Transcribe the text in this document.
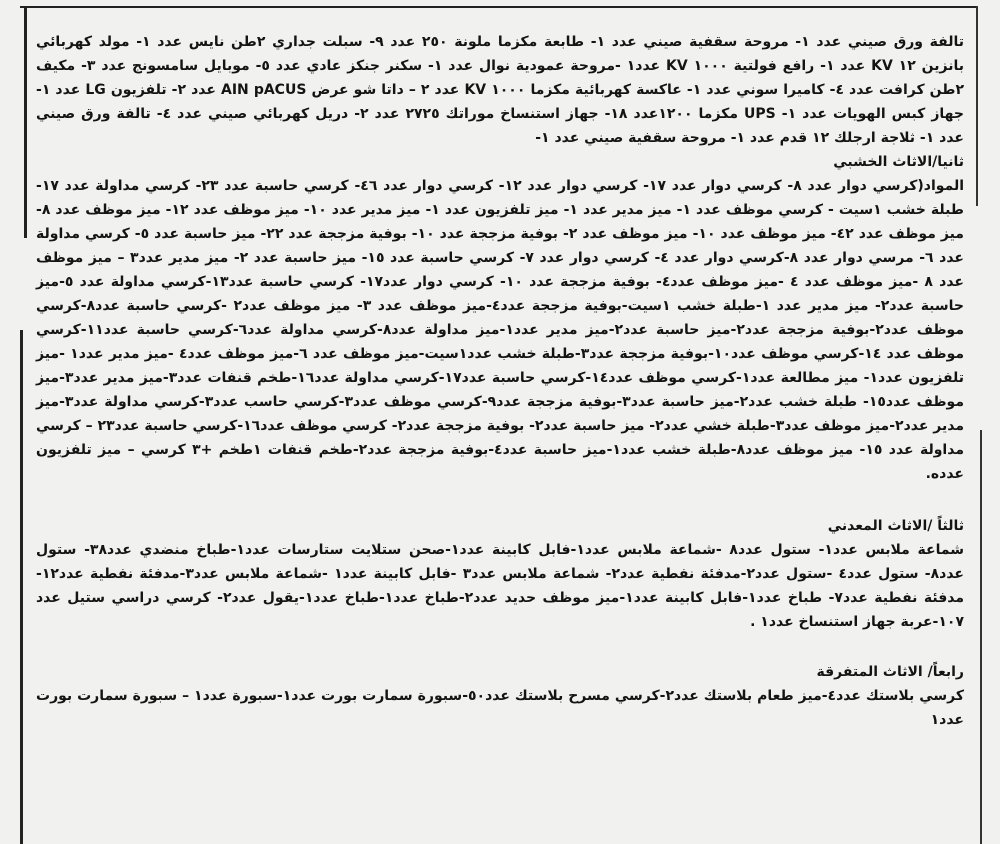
تالفة ورق صيني عدد ١- مروحة سقفية صيني عدد ١- طابعة مكزما ملونة ٢٥٠ عدد ٩- سبلت جداري ٢طن نايس عدد ١- مولد كهربائي بانزين ١٢ KV عدد ١- رافع فولتية ١٠٠٠ KV عدد١ -مروحة عمودية نوال عدد ١- سكنر جنكز عادي عدد ٥- موبايل سامسونج عدد ٣- مكيف ٢طن كرافت عدد ٤- كاميرا سوني عدد ١- عاكسة كهربائية مكزما ١٠٠٠ KV عدد ٢ – داتا شو عرض AIN pACUS عدد ٢- تلفزيون LG عدد ١- جهاز كبس الهويات عدد ١- UPS مكزما ١٢٠٠عدد ١٨- جهاز استنساخ موراتك ٢٧٢٥ عدد ٢- دريل كهربائي صيني عدد ٤- تالفة ورق صيني عدد ١- ثلاجة ارجلك ١٢ قدم عدد ١- مروحة سقفية صيني عدد ١-

ثانيا/الاثاث الخشبي

المواد(كرسي دوار عدد ٨- كرسي دوار عدد ١٧- كرسي دوار عدد ١٢- كرسي دوار عدد ٤٦- كرسي حاسبة عدد ٢٣- كرسي مداولة عدد ١٧- طبلة خشب ١سيت - كرسي موظف عدد ١- ميز مدير عدد ١- ميز تلفزيون عدد ١- ميز مدير عدد ١٠- ميز موظف عدد ١٢- ميز موظف عدد ٨- ميز موظف عدد ٤٢- ميز موظف عدد ١٠- ميز موظف عدد ٢- بوفية مزججة عدد ١٠- بوفية مزججة عدد ٢٢- ميز حاسبة عدد ٥- كرسي مداولة عدد ٦- مرسي دوار عدد ٨-كرسي دوار عدد ٤- كرسي دوار عدد ٧- كرسي حاسبة عدد ١٥- ميز حاسبة عدد ٢- ميز مدير عدد٣ – ميز موظف عدد ٨ -ميز موظف عدد ٤ -ميز موظف عدد٤- بوفية مزججة عدد ١٠- كرسي دوار عدد١٧- كرسي حاسبة عدد١٣-كرسي مداولة عدد ٥-ميز حاسبة عدد٢- ميز مدير عدد ١-طبلة خشب ١سيت-بوفية مزججة عدد٤-ميز موظف عدد ٣- ميز موظف عدد٢ -كرسي حاسبة عدد٨-كرسي موظف عدد٢-بوفية مزججة عدد٢-ميز حاسبة عدد٢-ميز مدير عدد١-ميز مداولة عدد٨-كرسي مداولة عدد٦-كرسي حاسبة عدد١١-كرسي موظف عدد ١٤-كرسي موظف عدد١٠-بوفية مزججة عدد٣-طبلة خشب عدد١سيت-ميز موظف عدد ٦-ميز موظف عدد٤ -ميز مدير عدد١ -ميز تلفزيون عدد١- ميز مطالعة عدد١-كرسي موظف عدد١٤-كرسي حاسبة عدد١٧-كرسي مداولة عدد١٦-طخم قنفات عدد٣-ميز مدير عدد٣-ميز موظف عدد١٥- طبلة خشب عدد٢-ميز حاسبة عدد٣-بوفية مزججة عدد٩-كرسي موظف عدد٣-كرسي حاسب عدد٣-كرسي مداولة عدد٣-ميز مدير عدد٢-ميز موظف عدد٣-طبلة خشي عدد٢- ميز حاسبة عدد٢- بوفية مزججة عدد٢- كرسي موظف عدد١٦-كرسي حاسبة عدد٢٣ – كرسي مداولة عدد ١٥- ميز موظف عدد٨-طبلة خشب عدد١-ميز حاسبة عدد٤-بوفية مزججة عدد٢-طخم قنفات ١طخم +٣ كرسي – ميز تلفزيون عدده.

ثالثاً /الاثاث المعدني

شماعة ملابس عدد١- ستول عدد٨ -شماعة ملابس عدد١-فابل كابينة عدد١-صحن ستلايت ستارسات عدد١-طباخ منضدي عدد٣٨- ستول عدد٨- ستول عدد٤ -ستول عدد٢-مدفئة نفطية عدد٢- شماعة ملابس عدد٣ -فابل كابينة عدد١ -شماعة ملابس عدد٣-مدفئة نفطية عدد١٢-مدفئة نفطية عدد٧- طباخ عدد١-فابل كابينة عدد١-ميز موظف حديد عدد٢-طباخ عدد١-طباخ عدد١-يقول عدد٢- كرسي دراسي ستيل عدد ١٠٧-عربة جهاز استنساخ عدد١ .

رابعاً/ الاثاث المتفرقة

كرسي بلاستك عدد٤-ميز طعام بلاستك عدد٢-كرسي مسرح بلاستك عدد٥٠-سبورة سمارت بورت عدد١-سبورة عدد١ – سبورة سمارت بورت عدد١
